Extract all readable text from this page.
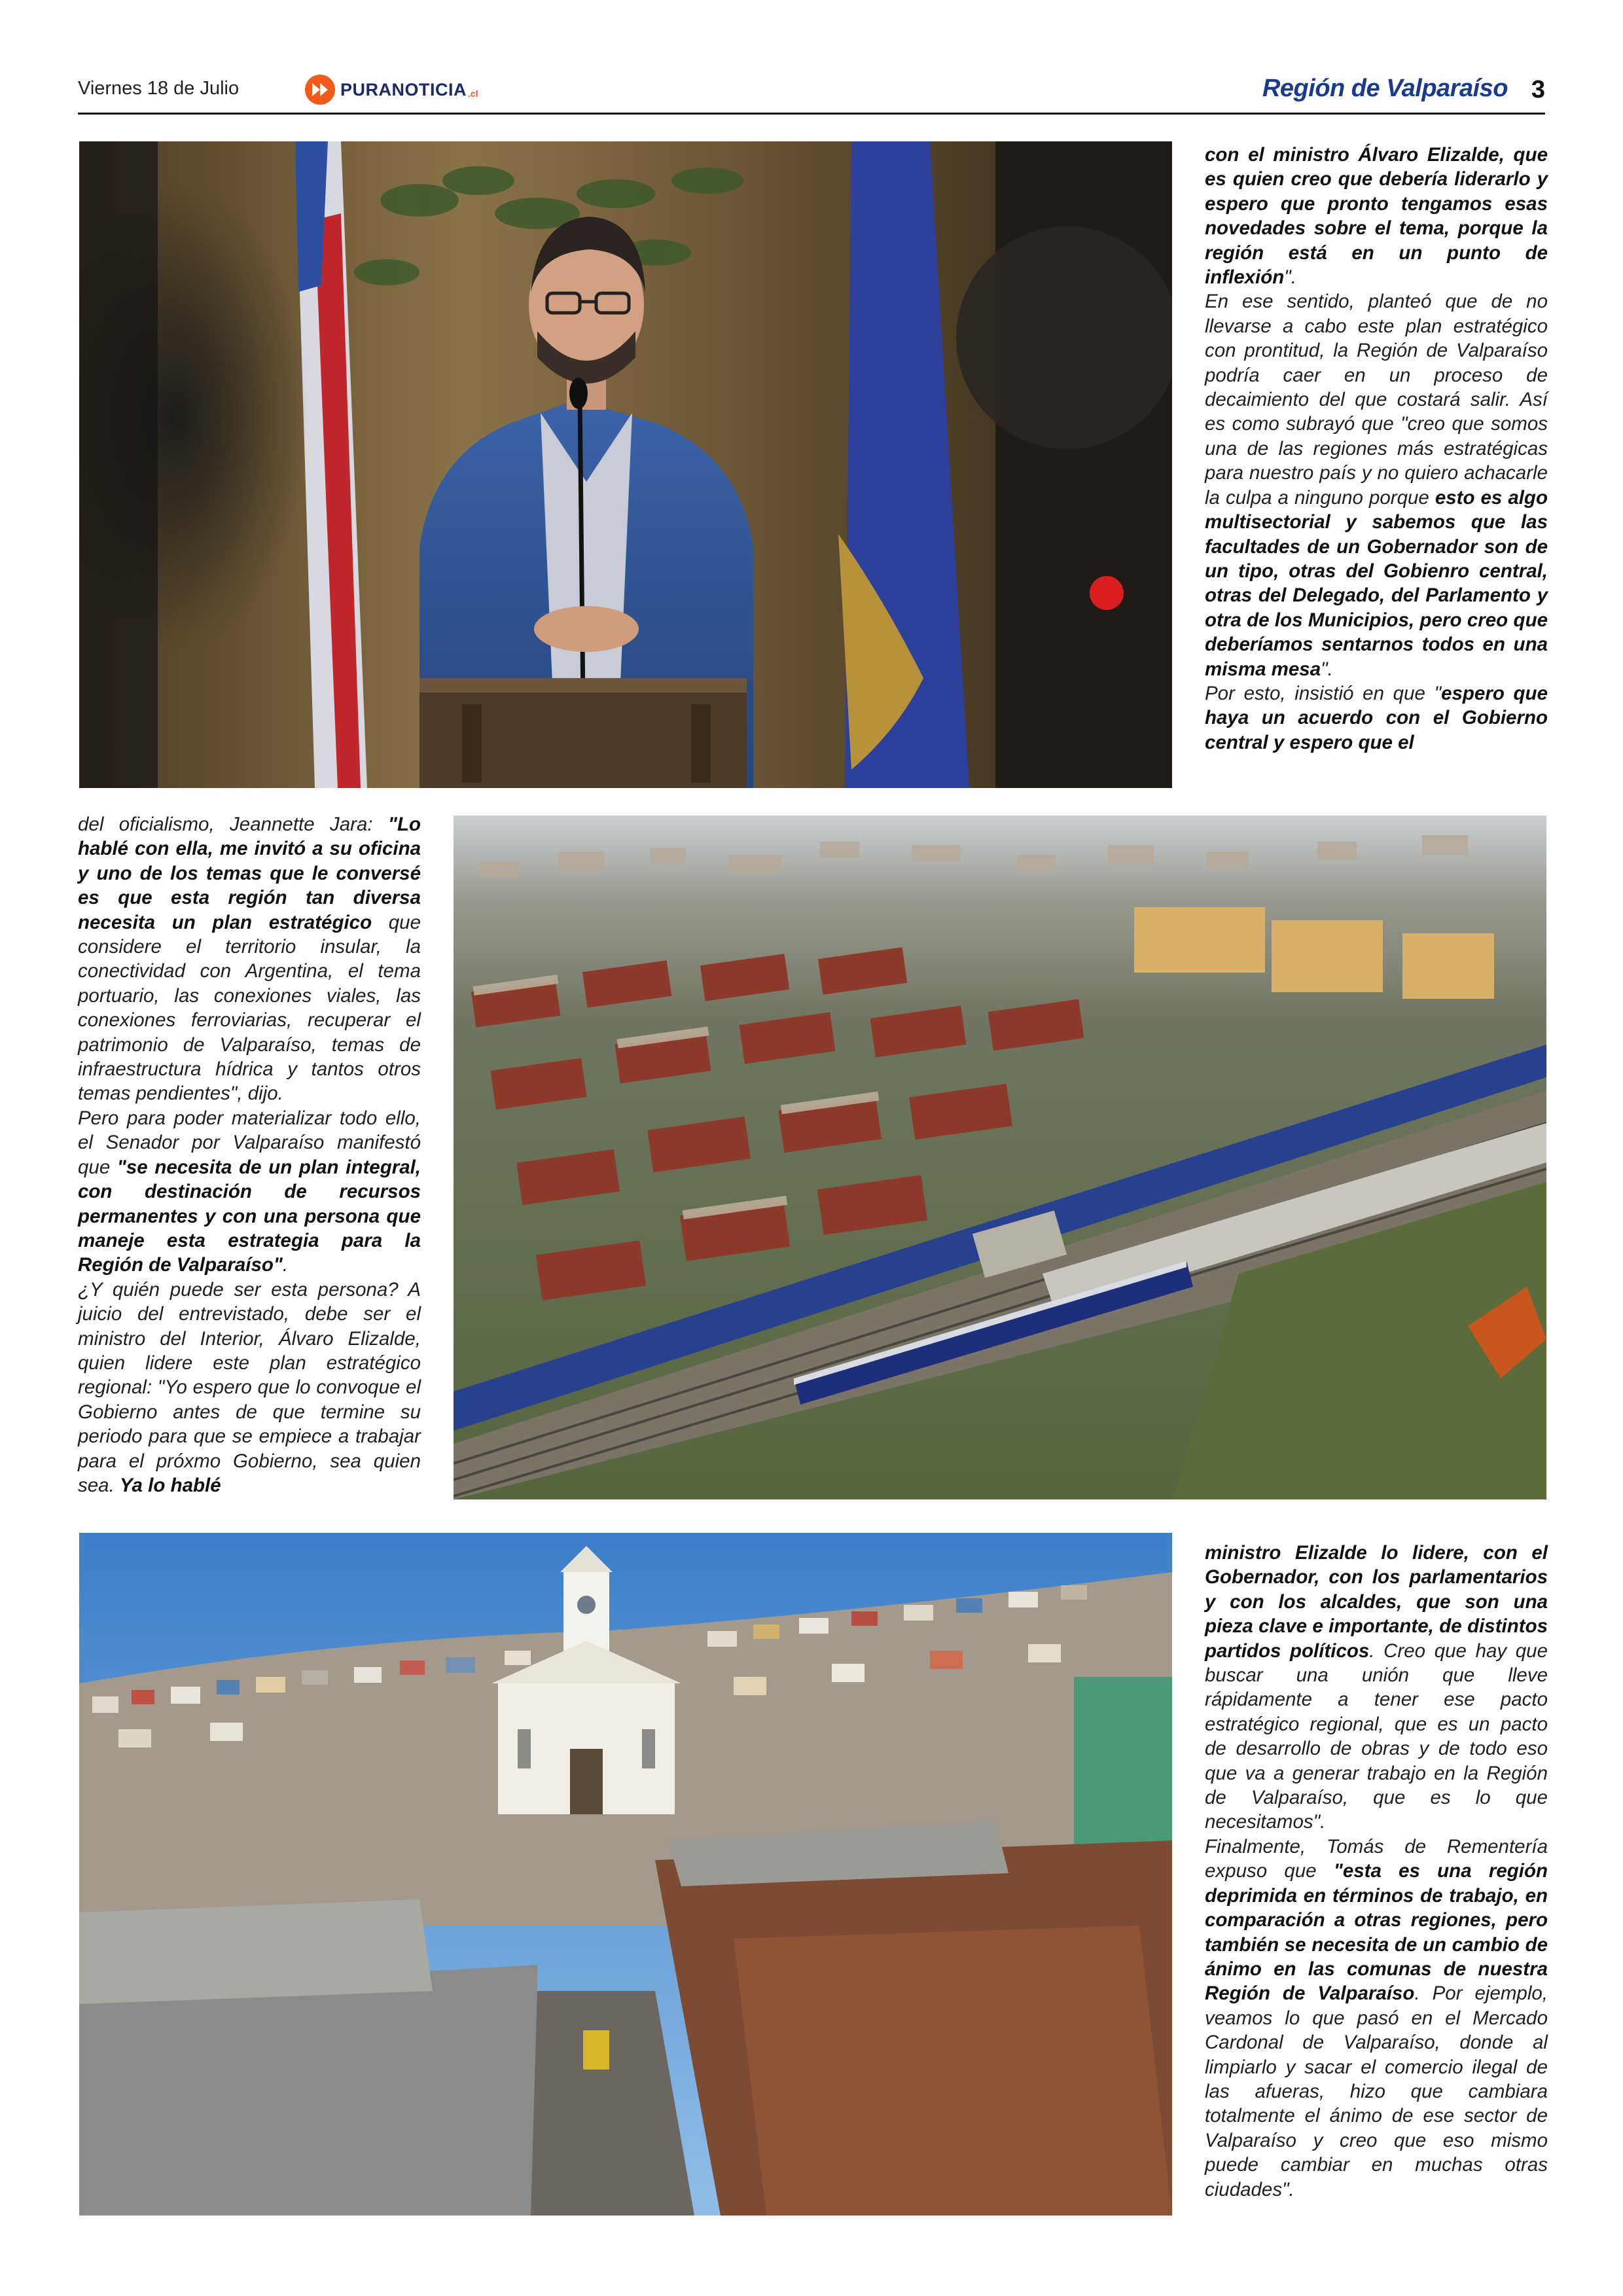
Viernes 18 de Julio	PURANOTICIA .cl	Región de Valparaíso 3

con el ministro Álvaro Elizalde, que es quien creo que debería liderarlo y espero que pronto tengamos esas novedades sobre el tema, porque la región está en un punto de inflexión".

En ese sentido, planteó que de no llevarse a cabo este plan estratégico con prontitud, la Región de Valparaíso podría caer en un proceso de decaimiento del que costará salir. Así es como subrayó que "creo que somos una de las regiones más estratégicas para nuestro país y no quiero achacarle la culpa a ninguno porque esto es algo multisectorial y sabemos que las facultades de un Gobernador son de un tipo, otras del Gobienro central, otras del Delegado, del Parlamento y otra de los Municipios, pero creo que deberíamos sentarnos todos en una misma mesa".

Por esto, insistió en que "espero que haya un acuerdo con el Gobierno central y espero que el

del oficialismo, Jeannette Jara: "Lo hablé con ella, me invitó a su oficina y uno de los temas que le conversé es que esta región tan diversa necesita un plan estratégico que considere el territorio insular, la conectividad con Argentina, el tema portuario, las conexiones viales, las conexiones ferroviarias, recuperar el patrimonio de Valparaíso, temas de infraestructura hídrica y tantos otros temas pendientes", dijo.

Pero para poder materializar todo ello, el Senador por Valparaíso manifestó que "se necesita de un plan integral, con destinación de recursos permanentes y con una persona que maneje esta estrategia para la Región de Valparaíso".

¿Y quién puede ser esta persona? A juicio del entrevistado, debe ser el ministro del Interior, Álvaro Elizalde, quien lidere este plan estratégico regional: "Yo espero que lo convoque el Gobierno antes de que termine su periodo para que se empiece a trabajar para el próxmo Gobierno, sea quien sea. Ya lo hablé

ministro Elizalde lo lidere, con el Gobernador, con los parlamentarios y con los alcaldes, que son una pieza clave e importante, de distintos partidos políticos. Creo que hay que buscar una unión que lleve rápidamente a tener ese pacto estratégico regional, que es un pacto de desarrollo de obras y de todo eso que va a generar trabajo en la Región de Valparaíso, que es lo que necesitamos".

Finalmente, Tomás de Rementería expuso que "esta es una región deprimida en términos de trabajo, en comparación a otras regiones, pero también se necesita de un cambio de ánimo en las comunas de nuestra Región de Valparaíso. Por ejemplo, veamos lo que pasó en el Mercado Cardonal de Valparaíso, donde al limpiarlo y sacar el comercio ilegal de las afueras, hizo que cambiara totalmente el ánimo de ese sector de Valparaíso y creo que eso mismo puede cambiar en muchas otras ciudades".
